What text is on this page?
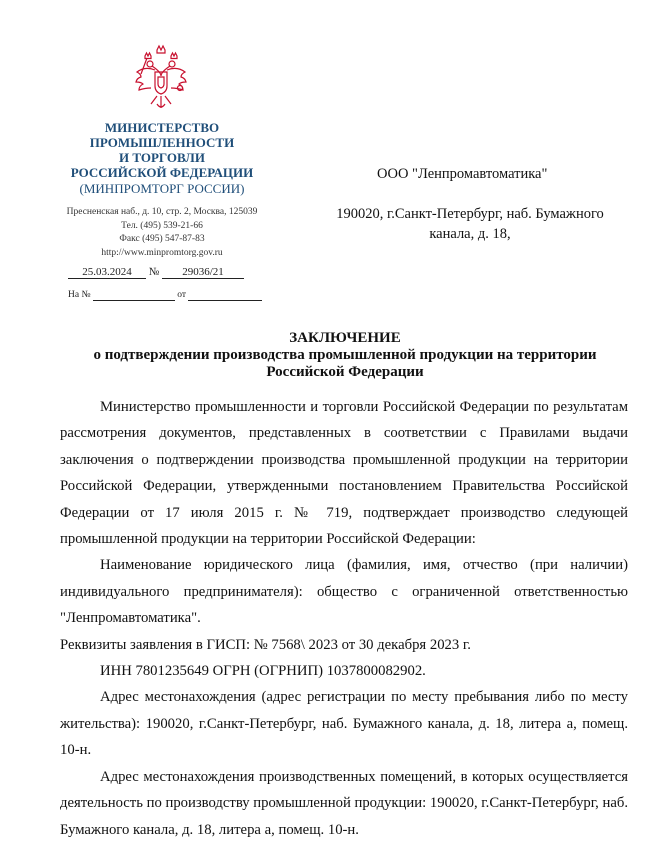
МИНИСТЕРСТВО
ПРОМЫШЛЕННОСТИ
И ТОРГОВЛИ
РОССИЙСКОЙ ФЕДЕРАЦИИ
(МИНПРОМТОРГ РОССИИ)
Пресненская наб., д. 10, стр. 2, Москва, 125039
Тел. (495) 539-21-66
Факс (495) 547-87-83
http://www.minpromtorg.gov.ru
25.03.2024 № 29036/21
На №	от
ООО "Ленпромавтоматика"
190020, г.Санкт-Петербург, наб. Бумажного канала, д. 18,
ЗАКЛЮЧЕНИЕ
о подтверждении производства промышленной продукции на территории Российской Федерации

Министерство промышленности и торговли Российской Федерации по результатам рассмотрения документов, представленных в соответствии с Правилами выдачи заключения о подтверждении производства промышленной продукции на территории Российской Федерации, утвержденными постановлением Правительства Российской Федерации от 17 июля 2015 г. № 719, подтверждает производство следующей промышленной продукции на территории Российской Федерации:

Наименование юридического лица (фамилия, имя, отчество (при наличии) индивидуального предпринимателя): общество с ограниченной ответственностью "Ленпромавтоматика".

Реквизиты заявления в ГИСП: № 7568\ 2023 от 30 декабря 2023 г.

ИНН 7801235649 ОГРН (ОГРНИП) 1037800082902.

Адрес местонахождения (адрес регистрации по месту пребывания либо по месту жительства): 190020, г.Санкт-Петербург, наб. Бумажного канала, д. 18, литера а, помещ. 10-н.

Адрес местонахождения производственных помещений, в которых осуществляется деятельность по производству промышленной продукции: 190020, г.Санкт-Петербург, наб. Бумажного канала, д. 18, литера а, помещ. 10-н.
